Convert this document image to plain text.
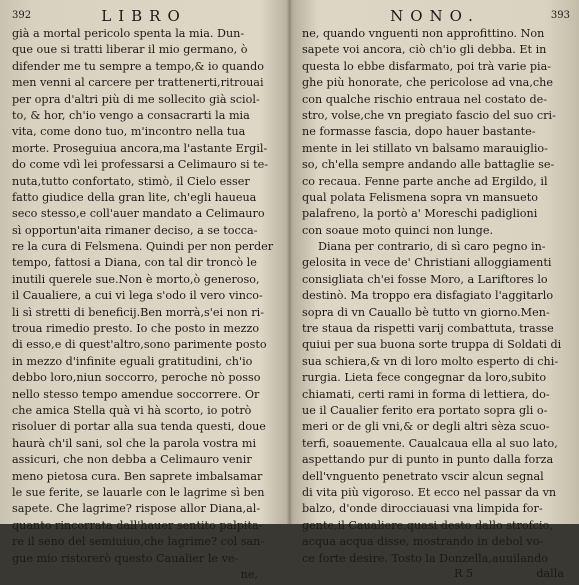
392	LIBRO
già a mortal pericolo spenta la mia. Dun-
que oue si tratti liberar il mio germano, ò
difender me tu sempre a tempo,& io quando
men venni al carcere per trattenerti,ritrouai
per opra d'altri più di me sollecito già sciol-
to, & hor, ch'io vengo a consacrarti la mia
vita, come dono tuo, m'incontro nella tua
morte. Proseguiua ancora,ma l'astante Ergil-
do come vdì lei professarsi a Celimauro si te-
nuta,tutto confortato, stimò, il Cielo esser
fatto giudice della gran lite, ch'egli haueua
seco stesso,e coll'auer mandato a Celimauro
sì opportun'aita rimaner deciso, a se tocca-
re la cura di Felsmena. Quindi per non perder
tempo, fattosi a Diana, con tal dir troncò le
inutili querele sue.Non è morto,ò generoso,
il Caualiere, a cui vi lega s'odo il vero vinco-
li sì stretti di beneficij.Ben morrà,s'ei non ri-
troua rimedio presto. Io che posto in mezzo
di esso,e di quest'altro,sono parimente posto
in mezzo d'infinite eguali gratitudini, ch'io
debbo loro,niun soccorro, peroche nò posso
nello stesso tempo amendue soccorrere. Or
che amica Stella quà vi hà scorto, io potrò
risoluer di portar alla sua tenda questi, doue
haurà ch'il sani, sol che la parola vostra mi
assicuri, che non debba a Celimauro venir
meno pietosa cura. Ben saprete imbalsamar
le sue ferite, se lauarle con le lagrime sì ben
sapete. Che lagrime? rispose allor Diana,al-
quanto rincorrata dall'hauer sentito palpita-
re il seno del semiuiuo,che lagrime? col san-
gue mio ristorerò questo Caualier le ve-
ne,
NONO.	393
ne, quando vnguenti non approfittino. Non
sapete voi ancora, ciò ch'io gli debba. Et in
questa lo ebbe disfarmato, poi trà varie pia-
ghe più honorate, che pericolose ad vna,che
con qualche rischio entraua nel costato de-
stro, volse,che vn pregiato fascio del suo cri-
ne formasse fascia, dopo hauer bastante-
mente in lei stillato vn balsamo marauiglio-
so, ch'ella sempre andando alle battaglie se-
co recaua. Fenne parte anche ad Ergildo, il
qual polata Felismena sopra vn mansueto
palafreno, la portò a' Moreschi padiglioni
con soaue moto quinci non lunge.
Diana per contrario, di sì caro pegno in-
gelosita in vece de' Christiani alloggiamenti
consigliata ch'ei fosse Moro, a Lariftores lo
destinò. Ma troppo era disfagiato l'aggitarlo
sopra di vn Cauallo bè tutto vn giorno.Men-
tre staua da rispetti varij combattuta, trasse
quiui per sua buona sorte truppa di Soldati di
sua schiera,& vn di loro molto esperto di chi-
rurgia. Lieta fece congegnar da loro,subito
chiamati, certi rami in forma di lettiera, do-
ue il Caualier ferito era portato sopra gli o-
meri or de gli vni,& or degli altri sèza scuo-
terfi, soauemente. Caualcaua ella al suo lato,
aspettando pur di punto in punto dalla forza
dell'vnguento penetrato vscir alcun segnal
di vita più vigoroso. Et ecco nel passar da vn
balzo, d'onde dirocciauasi vna limpida for-
gente,il Caualiere,quasi desto dallo strofcio,
acqua acqua disse, mostrando in debol vo-
ce forte desire. Tosto la Donzella,auuilando
R 5	dalla
